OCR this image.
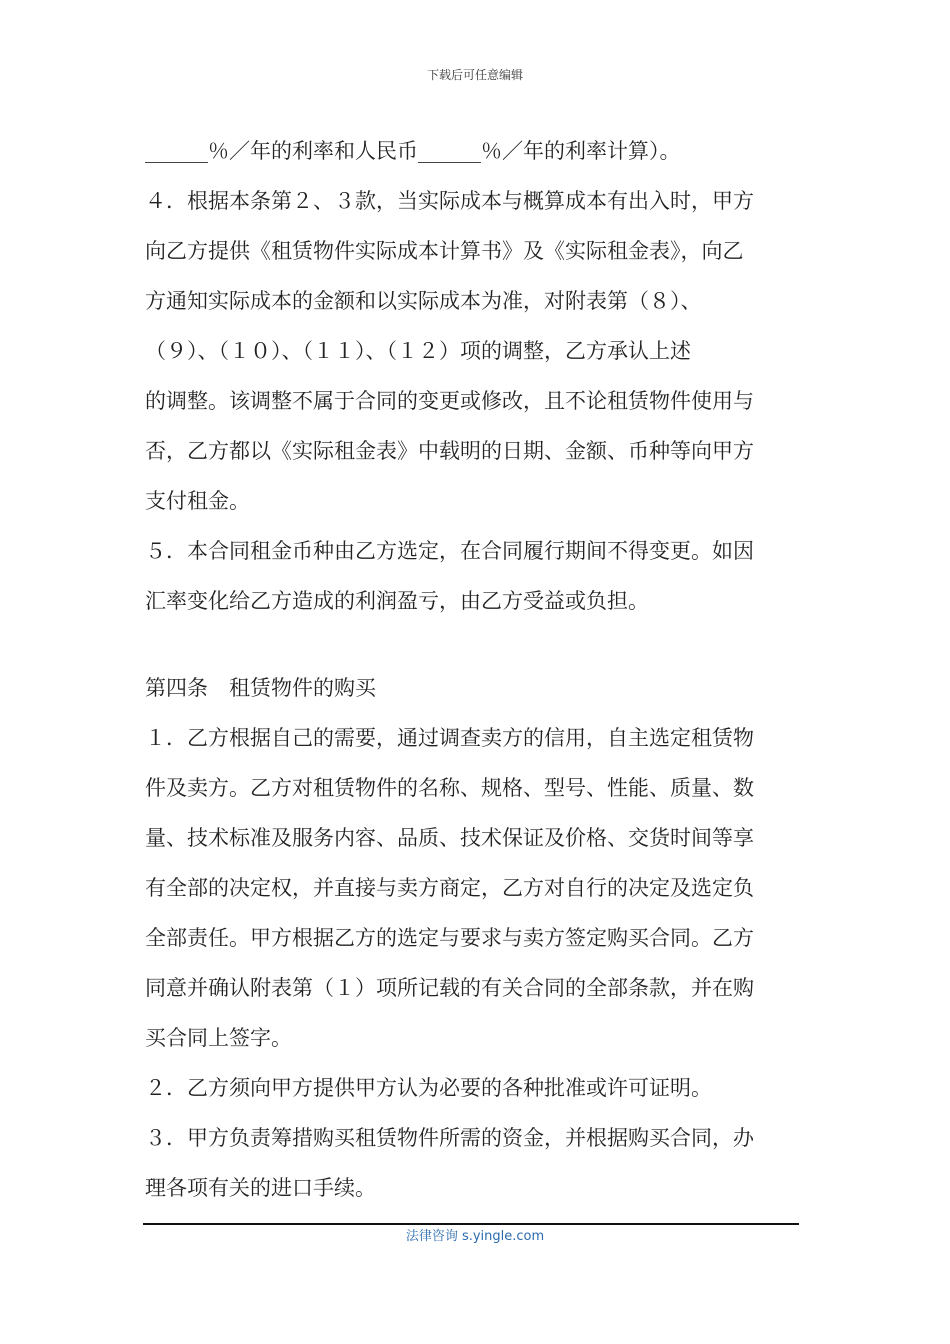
下载后可任意编辑
______％／年的利率和人民币______％／年的利率计算）。
４．根据本条第２、３款，当实际成本与概算成本有出入时，甲方
向乙方提供《租赁物件实际成本计算书》及《实际租金表》，向乙
方通知实际成本的金额和以实际成本为准，对附表第（８）、
（９）、（１０）、（１１）、（１２）项的调整，乙方承认上述
的调整。该调整不属于合同的变更或修改，且不论租赁物件使用与
否，乙方都以《实际租金表》中载明的日期、金额、币种等向甲方
支付租金。
５．本合同租金币种由乙方选定，在合同履行期间不得变更。如因
汇率变化给乙方造成的利润盈亏，由乙方受益或负担。
第四条　租赁物件的购买
１．乙方根据自己的需要，通过调查卖方的信用，自主选定租赁物
件及卖方。乙方对租赁物件的名称、规格、型号、性能、质量、数
量、技术标准及服务内容、品质、技术保证及价格、交货时间等享
有全部的决定权，并直接与卖方商定，乙方对自行的决定及选定负
全部责任。甲方根据乙方的选定与要求与卖方签定购买合同。乙方
同意并确认附表第（１）项所记载的有关合同的全部条款，并在购
买合同上签字。
２．乙方须向甲方提供甲方认为必要的各种批准或许可证明。
３．甲方负责筹措购买租赁物件所需的资金，并根据购买合同，办
理各项有关的进口手续。
法律咨询 s.yingle.com
